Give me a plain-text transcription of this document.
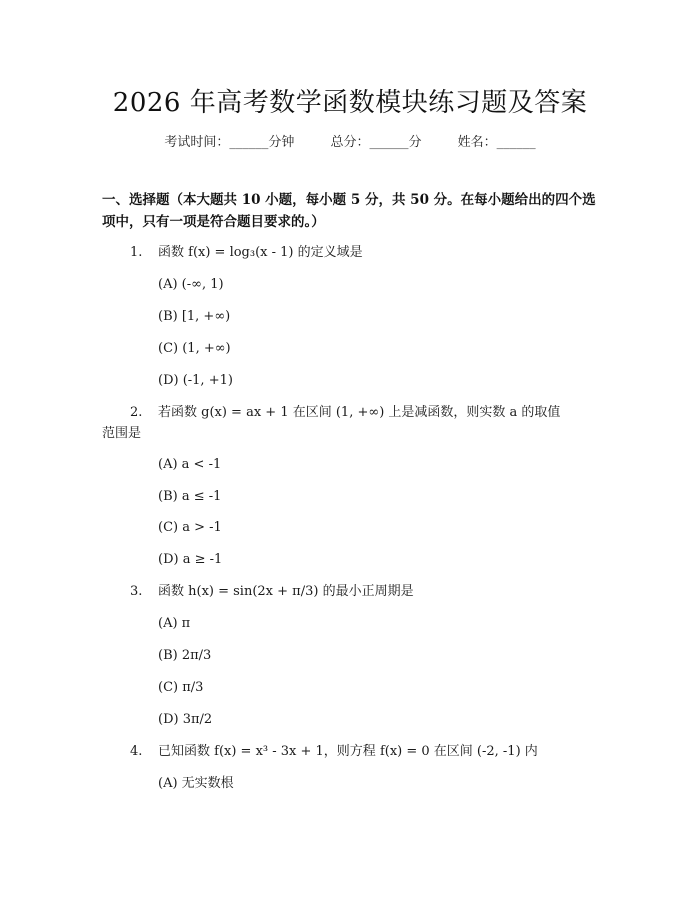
2026 年高考数学函数模块练习题及答案
考试时间：______分钟	总分：______分	姓名：______
一、选择题（本大题共 10 小题，每小题 5 分，共 50 分。在每小题给出的四个选项中，只有一项是符合题目要求的。）
1. 函数 f(x) = log₃(x - 1) 的定义域是
(A) (-∞, 1)
(B) [1, +∞)
(C) (1, +∞)
(D) (-1, +1)
2. 若函数 g(x) = ax + 1 在区间 (1, +∞) 上是减函数，则实数 a 的取值
范围是
(A) a < -1
(B) a ≤ -1
(C) a > -1
(D) a ≥ -1
3. 函数 h(x) = sin(2x + π/3) 的最小正周期是
(A) π
(B) 2π/3
(C) π/3
(D) 3π/2
4. 已知函数 f(x) = x³ - 3x + 1，则方程 f(x) = 0 在区间 (-2, -1) 内
(A) 无实数根
